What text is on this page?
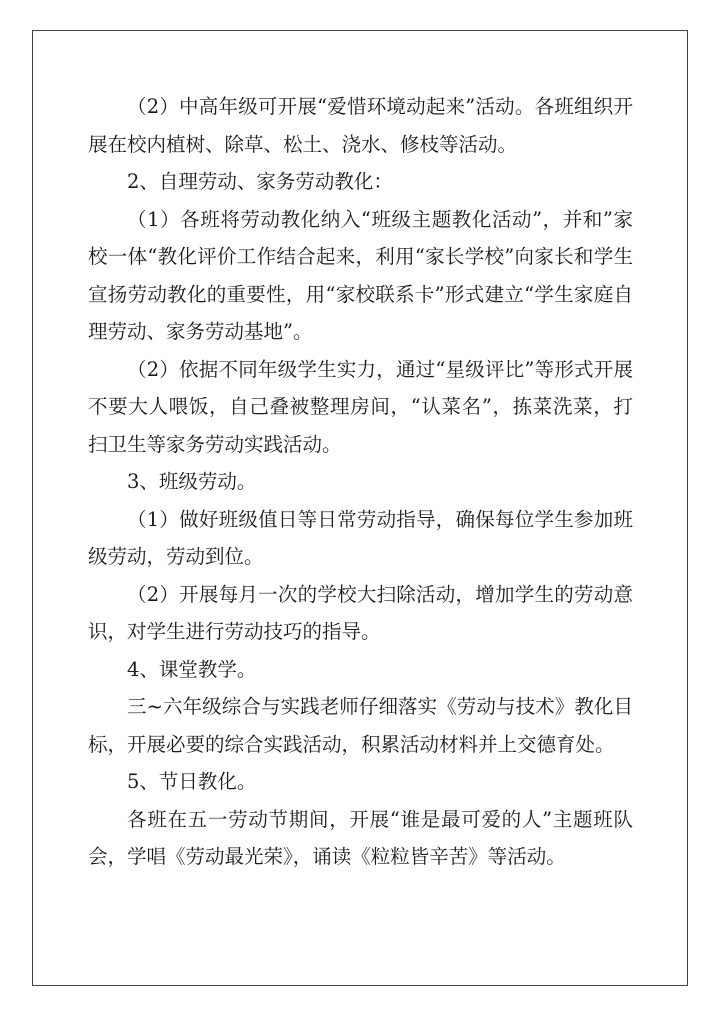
（2）中高年级可开展“爱惜环境动起来”活动。各班组织开展在校内植树、除草、松土、浇水、修枝等活动。

2、自理劳动、家务劳动教化：

（1）各班将劳动教化纳入“班级主题教化活动”，并和”家校一体“教化评价工作结合起来，利用“家长学校”向家长和学生宣扬劳动教化的重要性，用“家校联系卡”形式建立“学生家庭自理劳动、家务劳动基地”。

（2）依据不同年级学生实力，通过“星级评比”等形式开展不要大人喂饭，自己叠被整理房间，“认菜名”，拣菜洗菜，打扫卫生等家务劳动实践活动。

3、班级劳动。

（1）做好班级值日等日常劳动指导，确保每位学生参加班级劳动，劳动到位。

（2）开展每月一次的学校大扫除活动，增加学生的劳动意识，对学生进行劳动技巧的指导。

4、课堂教学。

三~六年级综合与实践老师仔细落实《劳动与技术》教化目标，开展必要的综合实践活动，积累活动材料并上交德育处。

5、节日教化。

各班在五一劳动节期间，开展“谁是最可爱的人”主题班队会，学唱《劳动最光荣》，诵读《粒粒皆辛苦》等活动。
